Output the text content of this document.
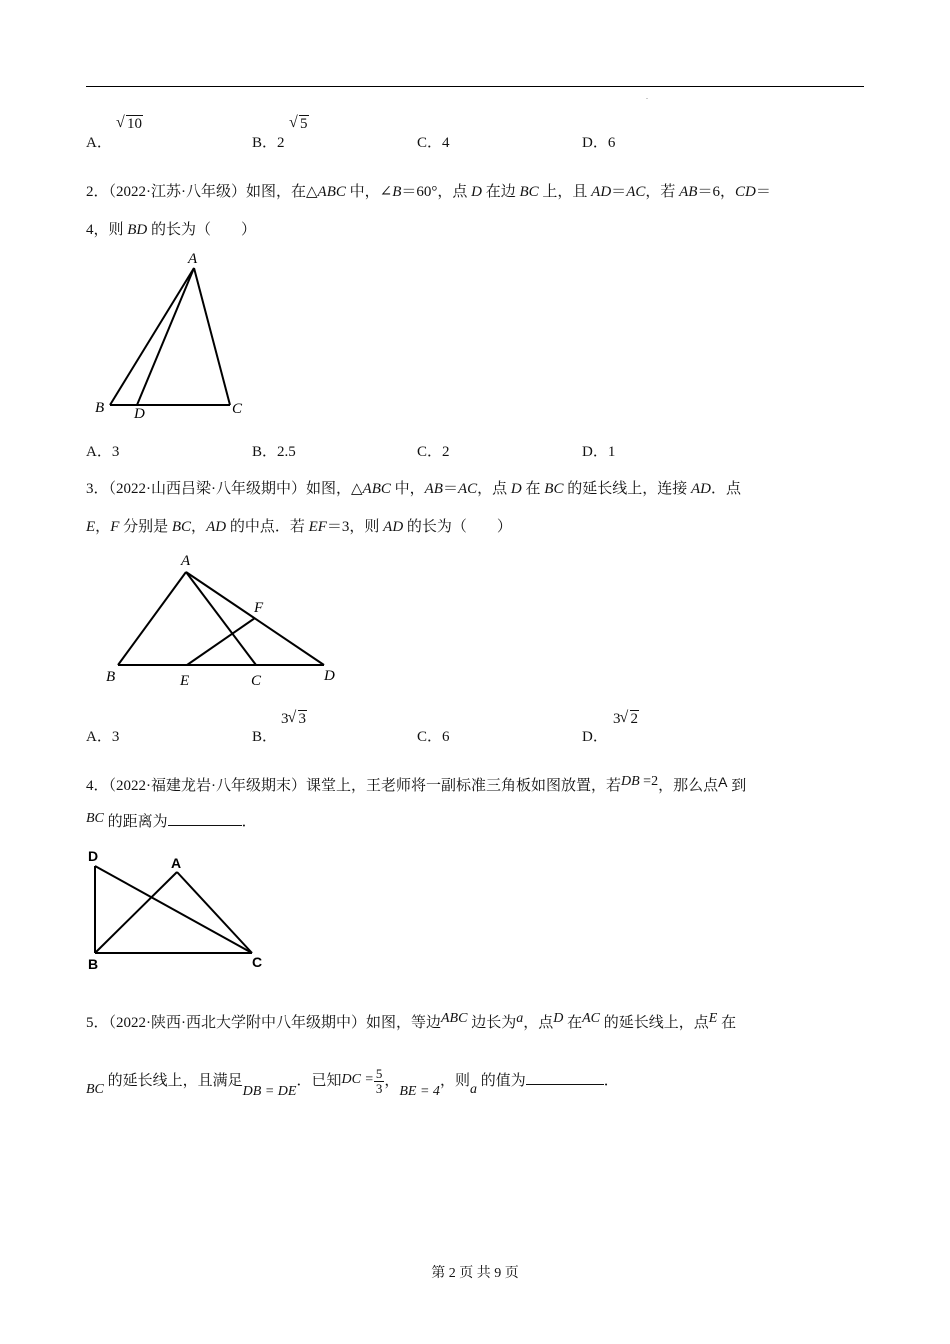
.
A．
√ 10
B．2
√ 5
C．4	D．6
2．（2022·江苏·八年级）如图，在△ABC 中，∠B＝60°，点 D 在边 BC 上，且 AD＝AC，若 AB＝6，CD＝
4，则 BD 的长为（　　）
A
B D	C
A．3	B．2.5	C．2	D．1
3．（2022·山西吕梁·八年级期中）如图，△ABC 中，AB＝AC，点 D 在 BC 的延长线上，连接 AD．点
E，F 分别是 BC，AD 的中点．若 EF＝3，则 AD 的长为（　　）
A
F
B	E	C	D
A．3	B．
3 √ 3
C．6	D．
3 √ 2
4．（2022·福建龙岩·八年级期末）课堂上，王老师将一副标准三角板如图放置，若DB =2，那么点A 到
BC 的距离为	．
D	A
B	C
5．（2022·陕西·西北大学附中八年级期中）如图，等边ABC 边长为a，点D 在AC 的延长线上，点E 在
BC 的延长线上，且满足DB = DE．已知DC = $\frac{5}{3}$ ，BE = 4，则a 的值为	．
第 2 页 共 9 页
